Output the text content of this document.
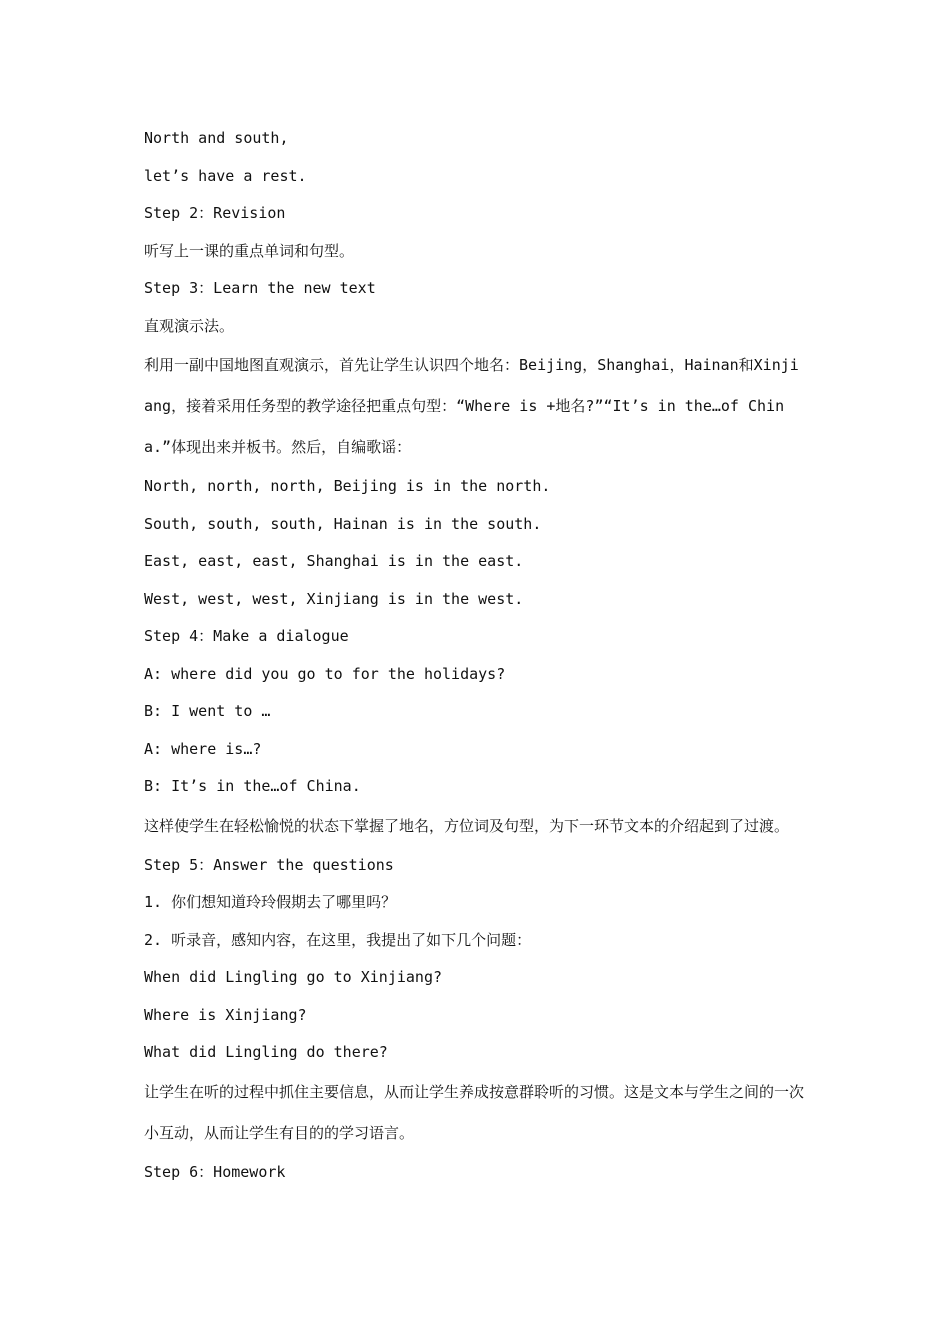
North and south,

let’s have a rest.

Step 2：Revision

听写上一课的重点单词和句型。

Step 3：Learn the new text

直观演示法。

利用一副中国地图直观演示，首先让学生认识四个地名：Beijing，Shanghai，Hainan和Xinjiang，接着采用任务型的教学途径把重点句型：“Where is +地名?”“It’s in the…of China.”体现出来并板书。然后，自编歌谣：

North, north, north, Beijing is in the north.

South, south, south, Hainan is in the south.

East, east, east, Shanghai is in the east.

West, west, west, Xinjiang is in the west.

Step 4：Make a dialogue

A: where did you go to for the holidays?

B: I went to …

A: where is…?

B: It’s in the…of China.

这样使学生在轻松愉悦的状态下掌握了地名，方位词及句型，为下一环节文本的介绍起到了过渡。

Step 5：Answer the questions

1. 你们想知道玲玲假期去了哪里吗？

2. 听录音，感知内容，在这里，我提出了如下几个问题：

When did Lingling go to Xinjiang?

Where is Xinjiang?

What did Lingling do there?

让学生在听的过程中抓住主要信息，从而让学生养成按意群聆听的习惯。这是文本与学生之间的一次小互动，从而让学生有目的的学习语言。

Step 6：Homework
